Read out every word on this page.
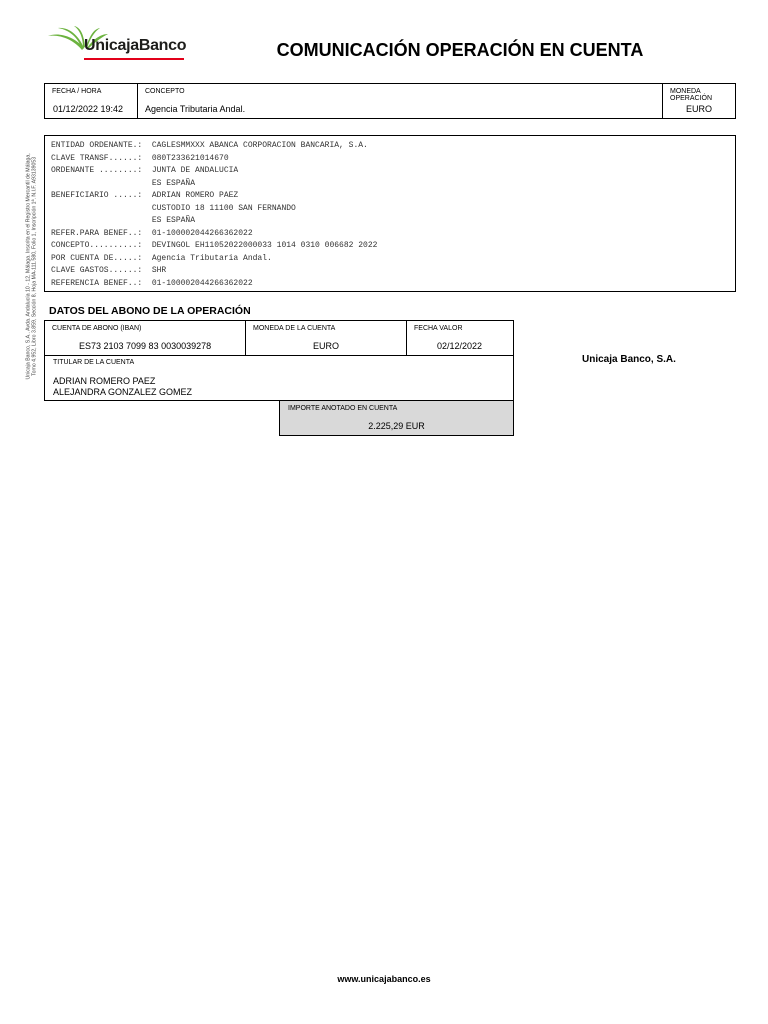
UnicajaBanco	COMUNICACIÓN OPERACIÓN EN CUENTA
Unicaja Banco, S.A.. Avda. Andalucía 10 - 12, Málaga. Inscrita en el Registro Mercantil de Málaga, Tomo 4.952, Libro 3.859, Sección 8, Hoja MA-111.580, Folio 1, Inscripción 1ª. N.I.F. A93139053
FECHA / HORA
01/12/2022 19:42
CONCEPTO
Agencia Tributaria Andal.
MONEDA OPERACIÓN
EURO
ENTIDAD ORDENANTE.:  CAGLESMMXXX ABANCA CORPORACION BANCARIA, S.A.
CLAVE TRANSF......:  080T233621014670
ORDENANTE ........:  JUNTA DE ANDALUCIA
ES ESPAÑA
BENEFICIARIO .....:  ADRIAN ROMERO PAEZ
CUSTODIO 18 11100 SAN FERNANDO
ES ESPAÑA
REFER.PARA BENEF..:  01-100002044266362022
CONCEPTO..........:  DEVINGOL EH11052022000033 1014 0310 006682 2022
POR CUENTA DE.....:  Agencia Tributaria Andal.
CLAVE GASTOS......:  SHR
REFERENCIA BENEF..:  01-100002044266362022
DATOS DEL ABONO DE LA OPERACIÓN
CUENTA DE ABONO (IBAN)
ES73 2103 7099 83 0030039278
MONEDA DE LA CUENTA
EURO
FECHA VALOR
02/12/2022
TITULAR DE LA CUENTA
ADRIAN ROMERO PAEZ
ALEJANDRA GONZALEZ GOMEZ
IMPORTE ANOTADO EN CUENTA
2.225,29 EUR
Unicaja Banco, S.A.
www.unicajabanco.es
